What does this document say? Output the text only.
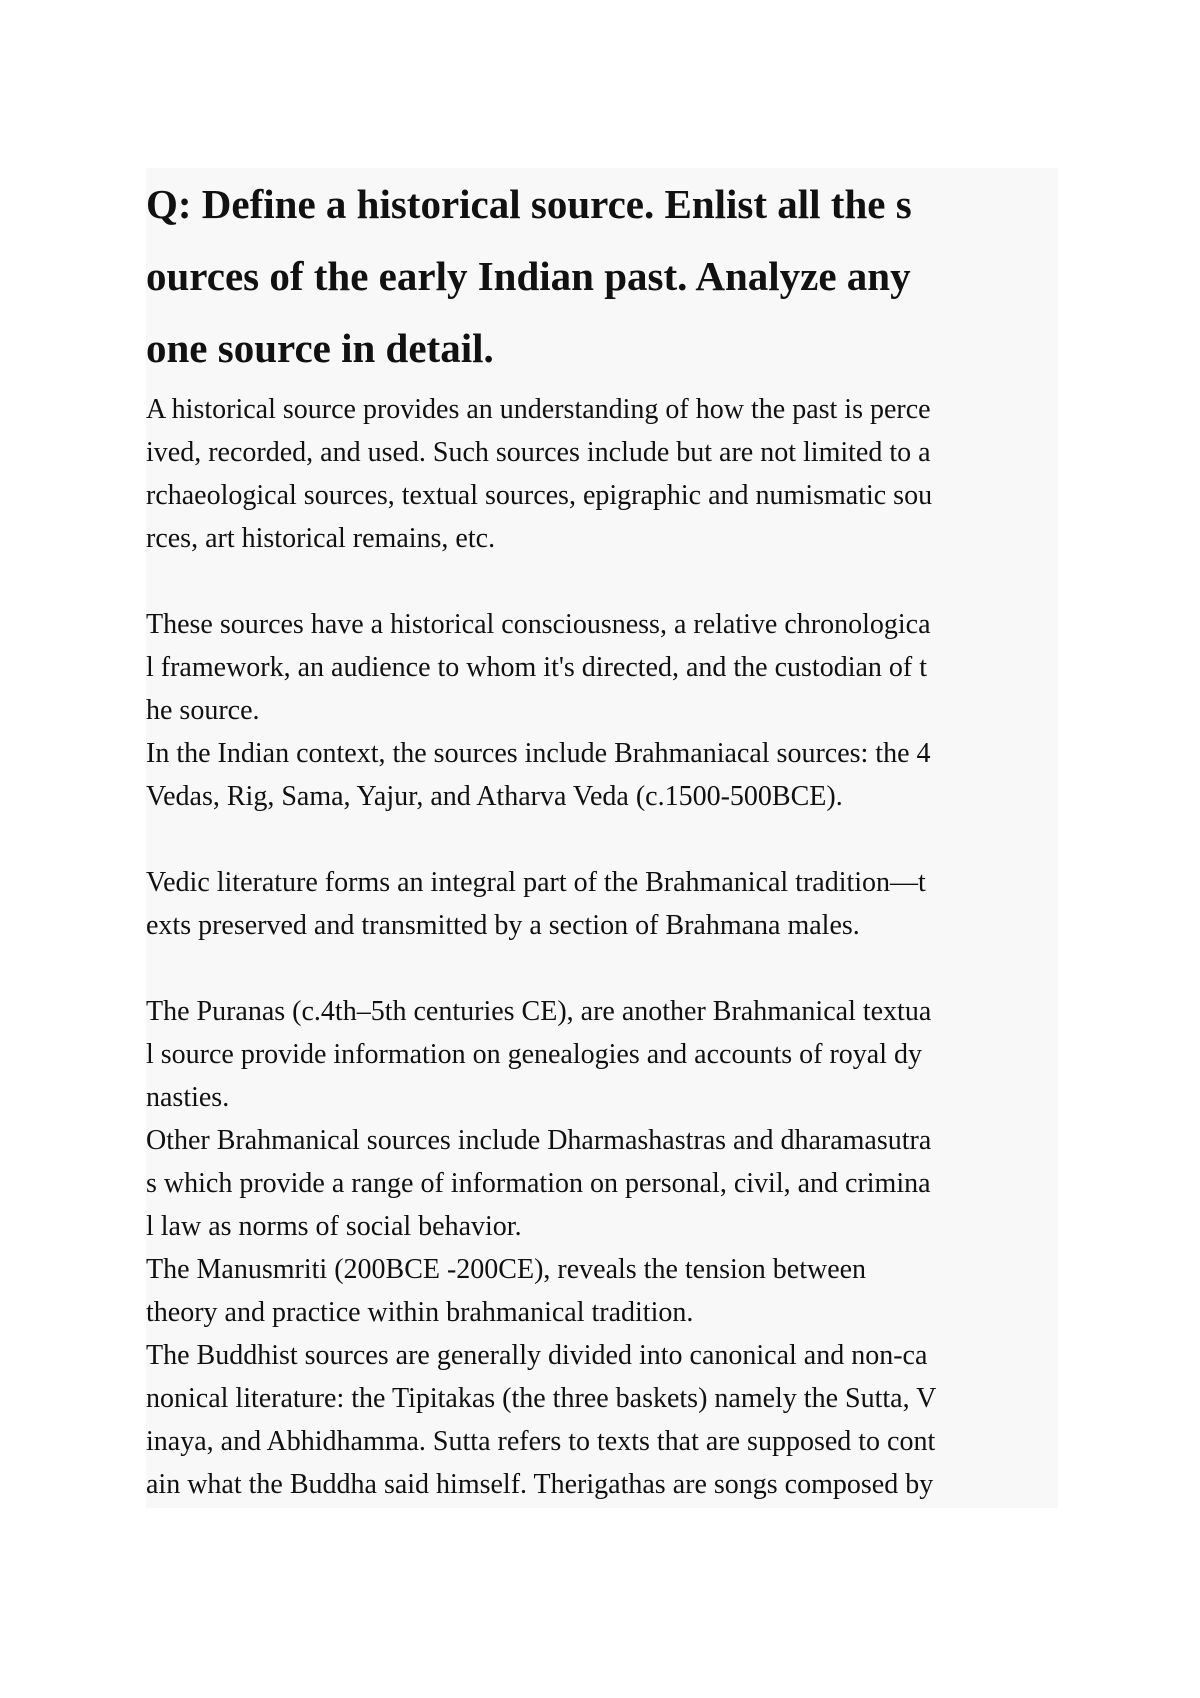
Q: Define a historical source. Enlist all the s
ources of the early Indian past. Analyze any
one source in detail.
A historical source provides an understanding of how the past is perce
ived, recorded, and used. Such sources include but are not limited to a
rchaeological sources, textual sources, epigraphic and numismatic sou
rces, art historical remains, etc.
These sources have a historical consciousness, a relative chronologica
l framework, an audience to whom it's directed, and the custodian of t
he source.
In the Indian context, the sources include Brahmaniacal sources: the 4
Vedas, Rig, Sama, Yajur, and Atharva Veda (c.1500-500BCE).
Vedic literature forms an integral part of the Brahmanical tradition—t
exts preserved and transmitted by a section of Brahmana males.
The Puranas (c.4th–5th centuries CE), are another Brahmanical textua
l source provide information on genealogies and accounts of royal dy
nasties.
Other Brahmanical sources include Dharmashastras and dharamasutra
s which provide a range of information on personal, civil, and crimina
l law as norms of social behavior.
The Manusmriti (200BCE -200CE), reveals the tension between
theory and practice within brahmanical tradition.
The Buddhist sources are generally divided into canonical and non-ca
nonical literature: the Tipitakas (the three baskets) namely the Sutta, V
inaya, and Abhidhamma. Sutta refers to texts that are supposed to cont
ain what the Buddha said himself. Therigathas are songs composed by
